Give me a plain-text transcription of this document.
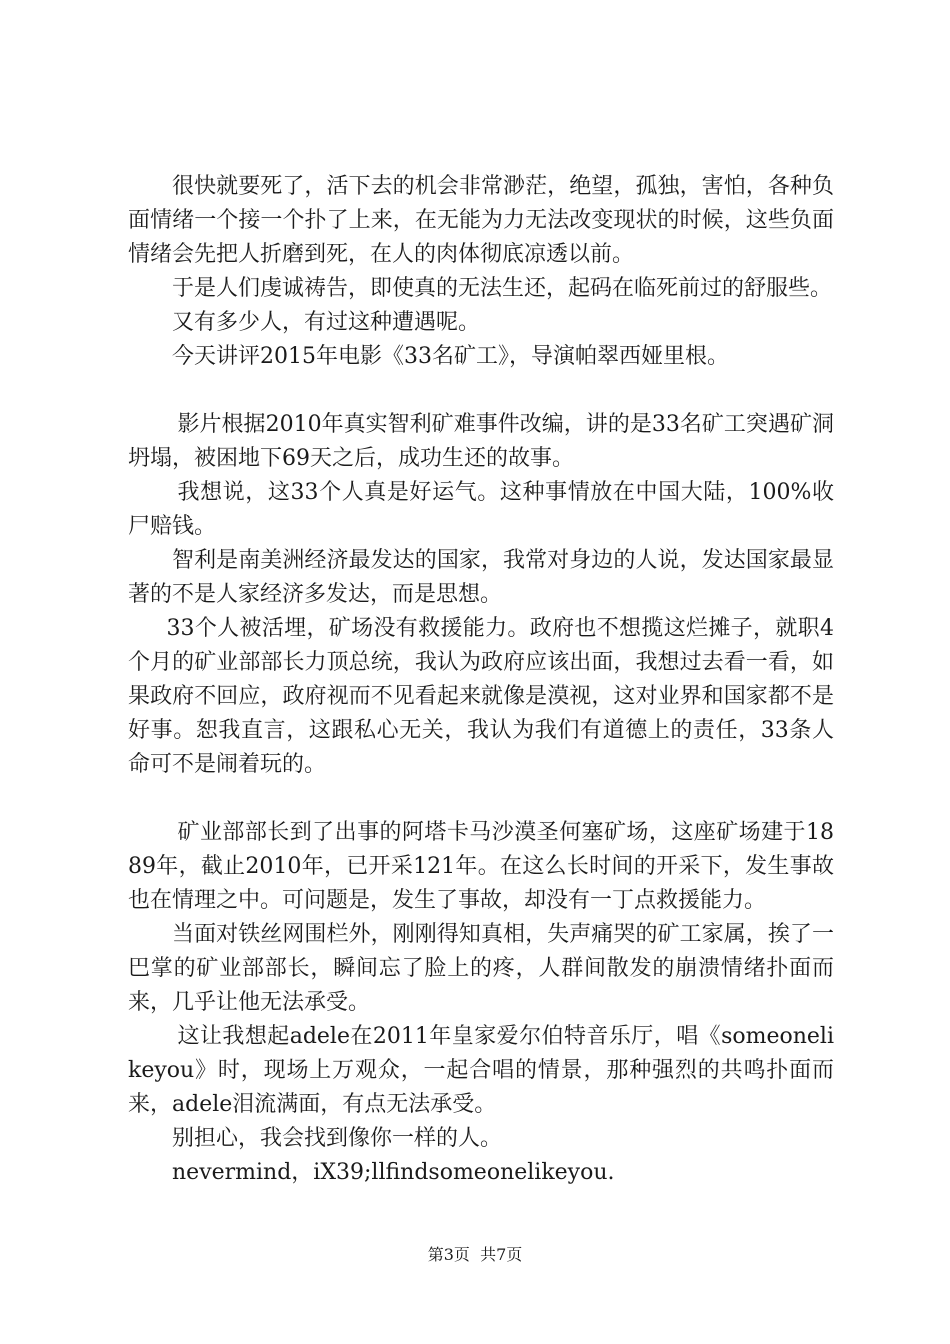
很快就要死了，活下去的机会非常渺茫，绝望，孤独，害怕，各种负面情绪一个接一个扑了上来，在无能为力无法改变现状的时候，这些负面情绪会先把人折磨到死，在人的肉体彻底凉透以前。

于是人们虔诚祷告，即使真的无法生还，起码在临死前过的舒服些。

又有多少人，有过这种遭遇呢。

今天讲评2015年电影《33名矿工》，导演帕翠西娅里根。

影片根据2010年真实智利矿难事件改编，讲的是33名矿工突遇矿洞坍塌，被困地下69天之后，成功生还的故事。

我想说，这33个人真是好运气。这种事情放在中国大陆，100%收尸赔钱。

智利是南美洲经济最发达的国家，我常对身边的人说，发达国家最显著的不是人家经济多发达，而是思想。

33个人被活埋，矿场没有救援能力。政府也不想揽这烂摊子，就职4个月的矿业部部长力顶总统，我认为政府应该出面，我想过去看一看，如果政府不回应，政府视而不见看起来就像是漠视，这对业界和国家都不是好事。恕我直言，这跟私心无关，我认为我们有道德上的责任，33条人命可不是闹着玩的。

矿业部部长到了出事的阿塔卡马沙漠圣何塞矿场，这座矿场建于1889年，截止2010年，已开采121年。在这么长时间的开采下，发生事故也在情理之中。可问题是，发生了事故，却没有一丁点救援能力。

当面对铁丝网围栏外，刚刚得知真相，失声痛哭的矿工家属，挨了一巴掌的矿业部部长，瞬间忘了脸上的疼，人群间散发的崩溃情绪扑面而来，几乎让他无法承受。

这让我想起adele在2011年皇家爱尔伯特音乐厅，唱《someonelikeyou》时，现场上万观众，一起合唱的情景，那种强烈的共鸣扑面而来，adele泪流满面，有点无法承受。

别担心，我会找到像你一样的人。

nevermind，iX39;llfindsomeonelikeyou.

第3页 共7页
